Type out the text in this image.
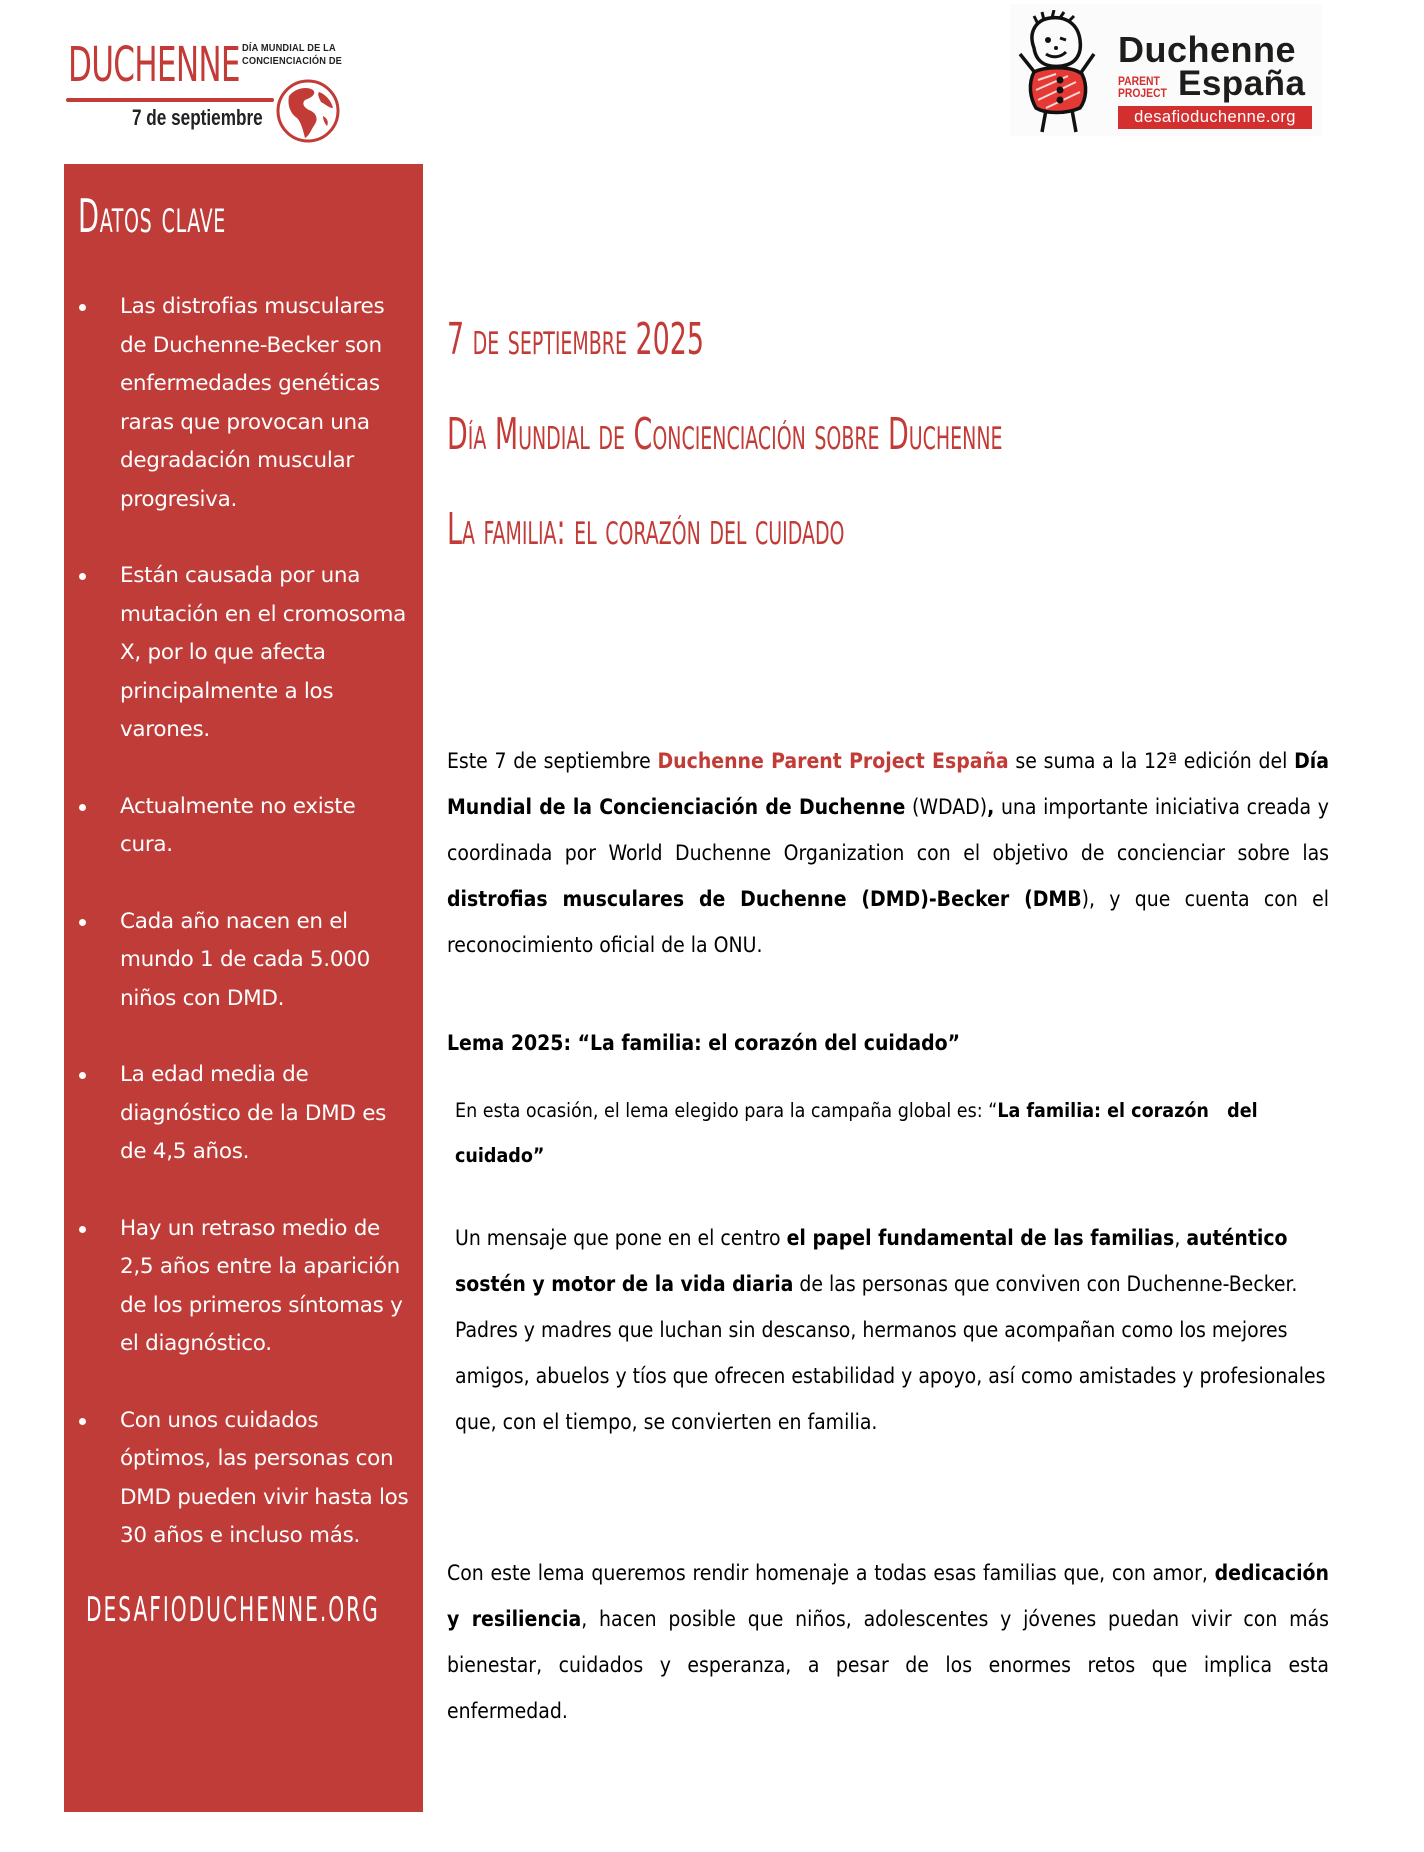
DUCHENNE DÍA MUNDIAL DE LA
CONCIENCIACIÓN DE
7 de septiembre
Duchenne
PARENT
PROJECT España
desafioduchenne.org
Datos clave
Las distrofias musculares de Duchenne-Becker son enfermedades genéticas raras que provocan una degradación muscular progresiva.
Están causada por una mutación en el cromosoma X, por lo que afecta principalmente a los varones.
Actualmente no existe cura.
Cada año nacen en el mundo 1 de cada 5.000 niños con DMD.
La edad media de diagnóstico de la DMD es de 4,5 años.
Hay un retraso medio de 2,5 años entre la aparición de los primeros síntomas y el diagnóstico.
Con unos cuidados óptimos, las personas con DMD pueden vivir hasta los 30 años e incluso más.
DESAFIODUCHENNE.ORG
7 de septiembre 2025
Día Mundial de Concienciación sobre Duchenne
La familia: el corazón del cuidado

Este 7 de septiembre Duchenne Parent Project España se suma a la 12ª edición del Día Mundial de la Concienciación de Duchenne (WDAD), una importante iniciativa creada y coordinada por World Duchenne Organization con el objetivo de concienciar sobre las distrofias musculares de Duchenne (DMD)-Becker (DMB), y que cuenta con el reconocimiento oficial de la ONU.

Lema 2025: “La familia: el corazón del cuidado”

En esta ocasión, el lema elegido para la campaña global es: “La familia: el corazón   del cuidado”

Un mensaje que pone en el centro el papel fundamental de las familias, auténtico sostén y motor de la vida diaria de las personas que conviven con Duchenne-Becker. Padres y madres que luchan sin descanso, hermanos que acompañan como los mejores amigos, abuelos y tíos que ofrecen estabilidad y apoyo, así como amistades y profesionales que, con el tiempo, se convierten en familia.

Con este lema queremos rendir homenaje a todas esas familias que, con amor, dedicación y resiliencia, hacen posible que niños, adolescentes y jóvenes puedan vivir con más bienestar, cuidados y esperanza, a pesar de los enormes retos que implica esta enfermedad.
